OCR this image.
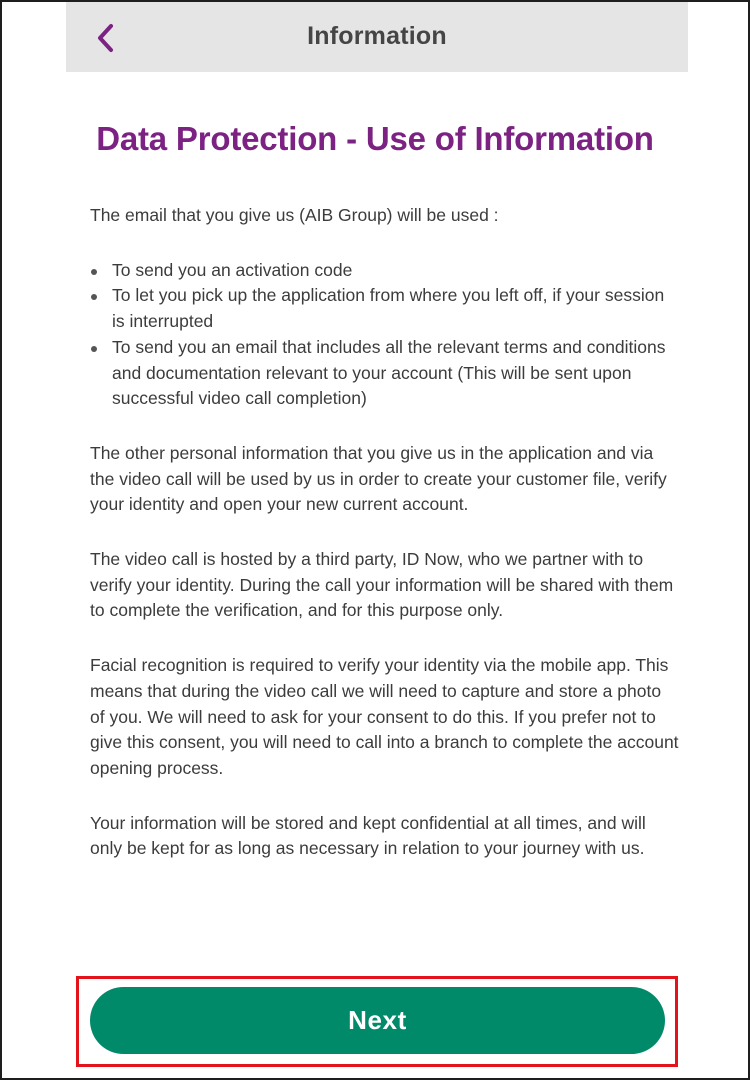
Information
Data Protection - Use of Information

The email that you give us (AIB Group) will be used :

To send you an activation code
To let you pick up the application from where you left off, if your session is interrupted
To send you an email that includes all the relevant terms and conditions and documentation relevant to your account (This will be sent upon successful video call completion)

The other personal information that you give us in the application and via the video call will be used by us in order to create your customer file, verify your identity and open your new current account.

The video call is hosted by a third party, ID Now, who we partner with to verify your identity. During the call your information will be shared with them to complete the verification, and for this purpose only.

Facial recognition is required to verify your identity via the mobile app. This means that during the video call we will need to capture and store a photo of you. We will need to ask for your consent to do this. If you prefer not to give this consent, you will need to call into a branch to complete the account opening process.

Your information will be stored and kept confidential at all times, and will only be kept for as long as necessary in relation to your journey with us.

Next
